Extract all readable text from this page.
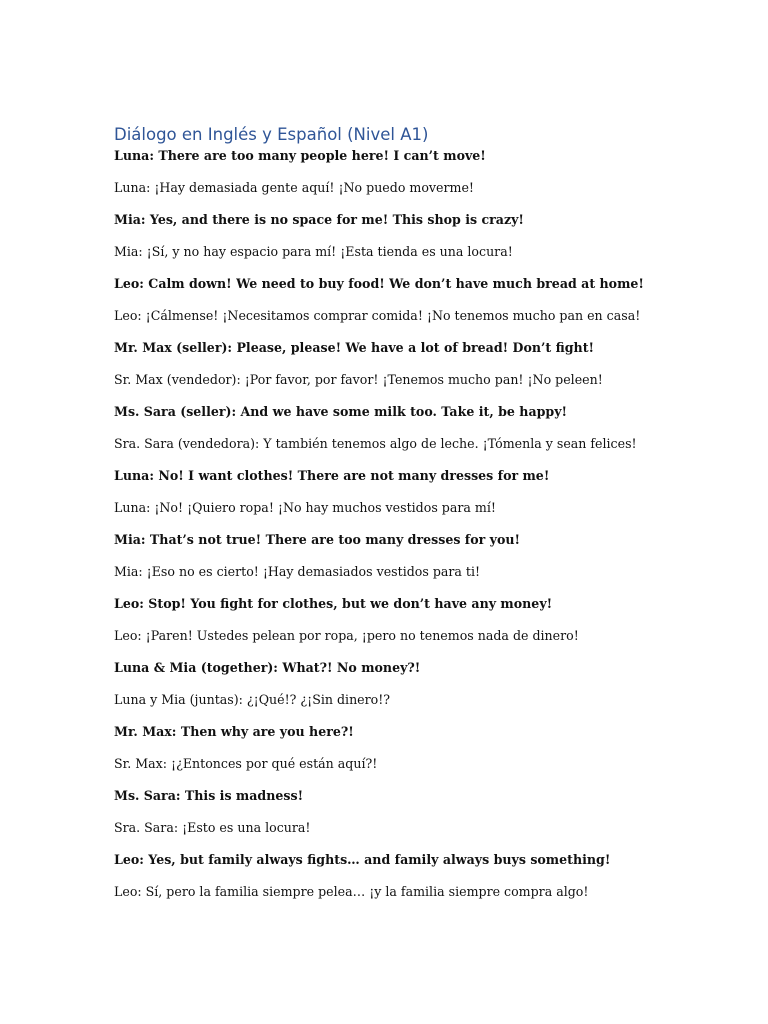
Diálogo en Inglés y Español (Nivel A1)

Luna: There are too many people here! I can’t move!

Luna: ¡Hay demasiada gente aquí! ¡No puedo moverme!

Mia: Yes, and there is no space for me! This shop is crazy!

Mia: ¡Sí, y no hay espacio para mí! ¡Esta tienda es una locura!

Leo: Calm down! We need to buy food! We don’t have much bread at home!

Leo: ¡Cálmense! ¡Necesitamos comprar comida! ¡No tenemos mucho pan en casa!

Mr. Max (seller): Please, please! We have a lot of bread! Don’t fight!

Sr. Max (vendedor): ¡Por favor, por favor! ¡Tenemos mucho pan! ¡No peleen!

Ms. Sara (seller): And we have some milk too. Take it, be happy!

Sra. Sara (vendedora): Y también tenemos algo de leche. ¡Tómenla y sean felices!

Luna: No! I want clothes! There are not many dresses for me!

Luna: ¡No! ¡Quiero ropa! ¡No hay muchos vestidos para mí!

Mia: That’s not true! There are too many dresses for you!

Mia: ¡Eso no es cierto! ¡Hay demasiados vestidos para ti!

Leo: Stop! You fight for clothes, but we don’t have any money!

Leo: ¡Paren! Ustedes pelean por ropa, ¡pero no tenemos nada de dinero!

Luna & Mia (together): What?! No money?!

Luna y Mia (juntas): ¿¡Qué!? ¿¡Sin dinero!?

Mr. Max: Then why are you here?!

Sr. Max: ¡¿Entonces por qué están aquí?!

Ms. Sara: This is madness!

Sra. Sara: ¡Esto es una locura!

Leo: Yes, but family always fights… and family always buys something!

Leo: Sí, pero la familia siempre pelea… ¡y la familia siempre compra algo!
